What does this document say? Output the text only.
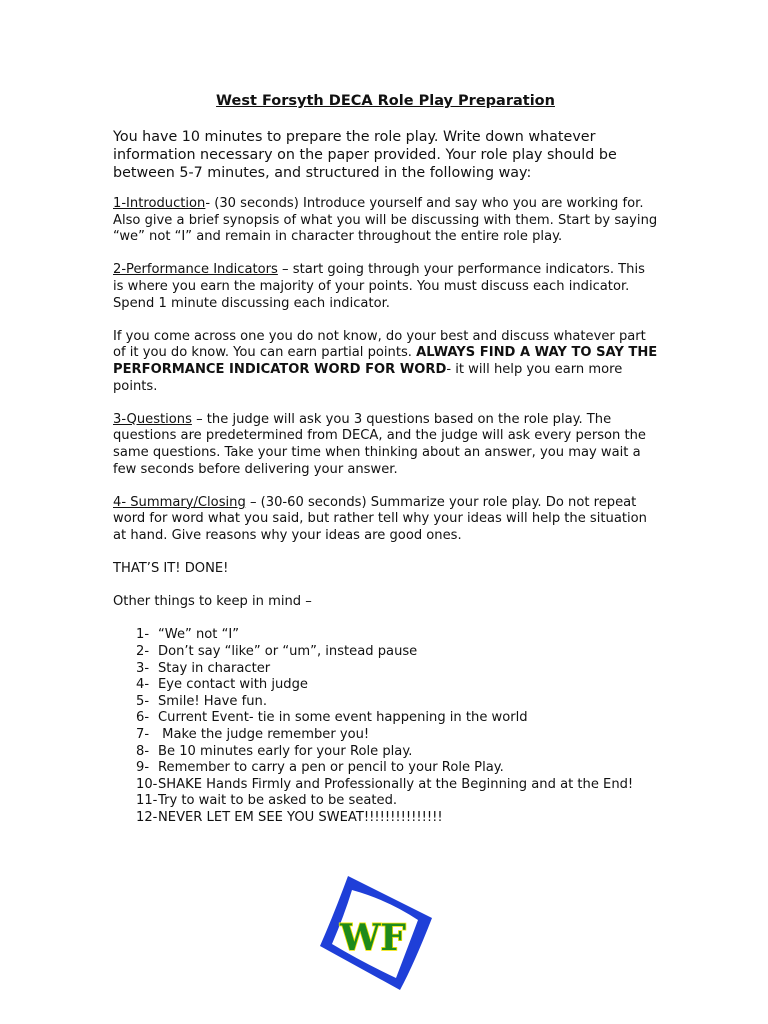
West Forsyth DECA Role Play Preparation

You have 10 minutes to prepare the role play. Write down whatever information necessary on the paper provided. Your role play should be between 5-7 minutes, and structured in the following way:

1-Introduction- (30 seconds) Introduce yourself and say who you are working for. Also give a brief synopsis of what you will be discussing with them. Start by saying “we” not “I” and remain in character throughout the entire role play.

2-Performance Indicators – start going through your performance indicators. This is where you earn the majority of your points. You must discuss each indicator. Spend 1 minute discussing each indicator.

If you come across one you do not know, do your best and discuss whatever part of it you do know. You can earn partial points. ALWAYS FIND A WAY TO SAY THE PERFORMANCE INDICATOR WORD FOR WORD- it will help you earn more points.

3-Questions – the judge will ask you 3 questions based on the role play. The questions are predetermined from DECA, and the judge will ask every person the same questions. Take your time when thinking about an answer, you may wait a few seconds before delivering your answer.

4- Summary/Closing – (30-60 seconds) Summarize your role play. Do not repeat word for word what you said, but rather tell why your ideas will help the situation at hand. Give reasons why your ideas are good ones.

THAT’S IT! DONE!

Other things to keep in mind –

1- “We” not “I”
2- Don’t say “like” or “um”, instead pause
3- Stay in character
4- Eye contact with judge
5- Smile! Have fun.
6- Current Event- tie in some event happening in the world
7- Make the judge remember you!
8- Be 10 minutes early for your Role play.
9- Remember to carry a pen or pencil to your Role Play.
10- SHAKE Hands Firmly and Professionally at the Beginning and at the End!
11- Try to wait to be asked to be seated.
12- NEVER LET EM SEE YOU SWEAT!!!!!!!!!!!!!!!
WF
